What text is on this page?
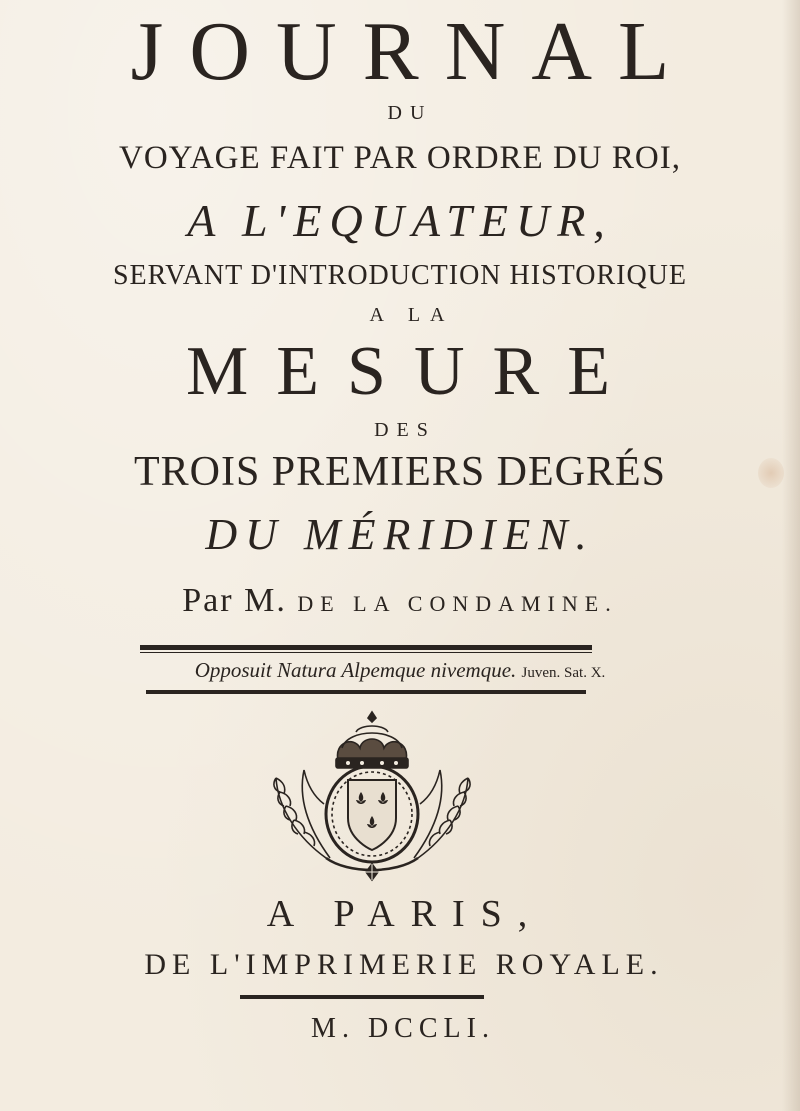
JOURNAL
DU
VOYAGE FAIT PAR ORDRE DU ROI,
A L'EQUATEUR,
SERVANT D'INTRODUCTION HISTORIQUE
A LA
MESURE
DES
TROIS PREMIERS DEGRÉS
DU MÉRIDIEN.
Par M. DE LA CONDAMINE.
Opposuit Natura Alpemque nivemque. Juven. Sat. X.
A PARIS,
DE L'IMPRIMERIE ROYALE.
M. DCCLI.
